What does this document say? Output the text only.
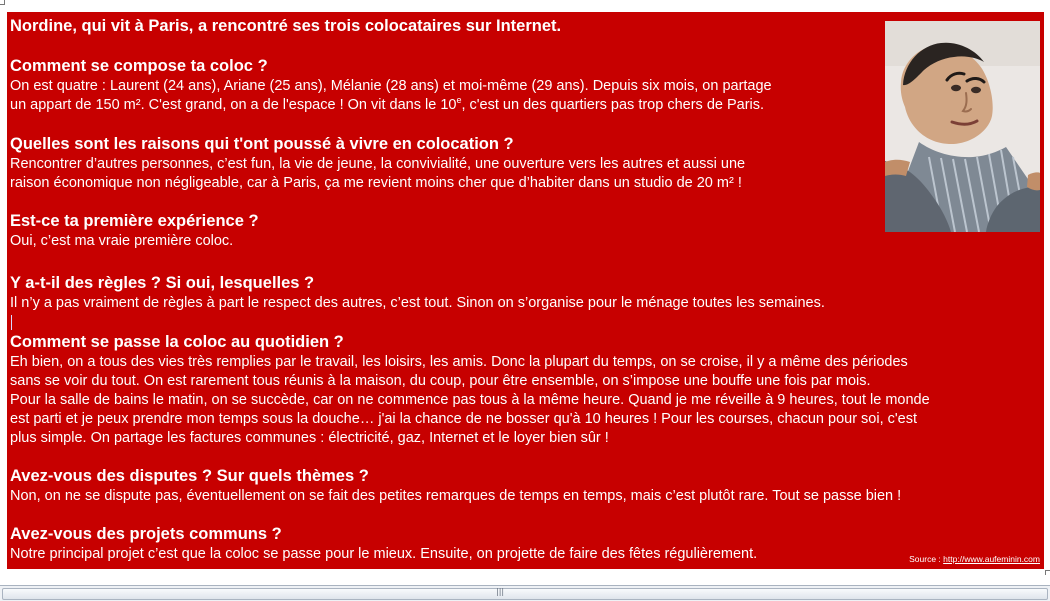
Nordine, qui vit à Paris, a rencontré ses trois colocataires sur Internet.

Comment se compose ta coloc ?

On est quatre : Laurent (24 ans), Ariane (25 ans), Mélanie (28 ans) et moi-même (29 ans). Depuis six mois, on partage

un appart de 150 m². C'est grand, on a de l'espace ! On vit dans le 10e, c'est un des quartiers pas trop chers de Paris.

Quelles sont les raisons qui t'ont poussé à vivre en colocation ?

Rencontrer d’autres personnes, c’est fun, la vie de jeune, la convivialité, une ouverture vers les autres et aussi une

raison économique non négligeable, car à Paris, ça me revient moins cher que d’habiter dans un studio de 20 m² !

Est-ce ta première expérience ?

Oui, c’est ma vraie première coloc.

Y a-t-il des règles ? Si oui, lesquelles ?

Il n’y a pas vraiment de règles à part le respect des autres, c’est tout. Sinon on s’organise pour le ménage toutes les semaines.

Comment se passe la coloc au quotidien ?

Eh bien, on a tous des vies très remplies par le travail, les loisirs, les amis. Donc la plupart du temps, on se croise, il y a même des périodes

sans se voir du tout. On est rarement tous réunis à la maison, du coup, pour être ensemble, on s’impose une bouffe une fois par mois.

Pour la salle de bains le matin, on se succède, car on ne commence pas tous à la même heure. Quand je me réveille à 9 heures, tout le monde

est parti et je peux prendre mon temps sous la douche… j'ai la chance de ne bosser qu'à 10 heures ! Pour les courses, chacun pour soi, c'est

plus simple. On partage les factures communes : électricité, gaz, Internet et le loyer bien sûr !

Avez-vous des disputes ? Sur quels thèmes ?

Non, on ne se dispute pas, éventuellement on se fait des petites remarques de temps en temps, mais c’est plutôt rare. Tout se passe bien !

Avez-vous des projets communs ?

Notre principal projet c’est que la coloc se passe pour le mieux. Ensuite, on projette de faire des fêtes régulièrement.	Source : http://www.aufeminin.com
|||
